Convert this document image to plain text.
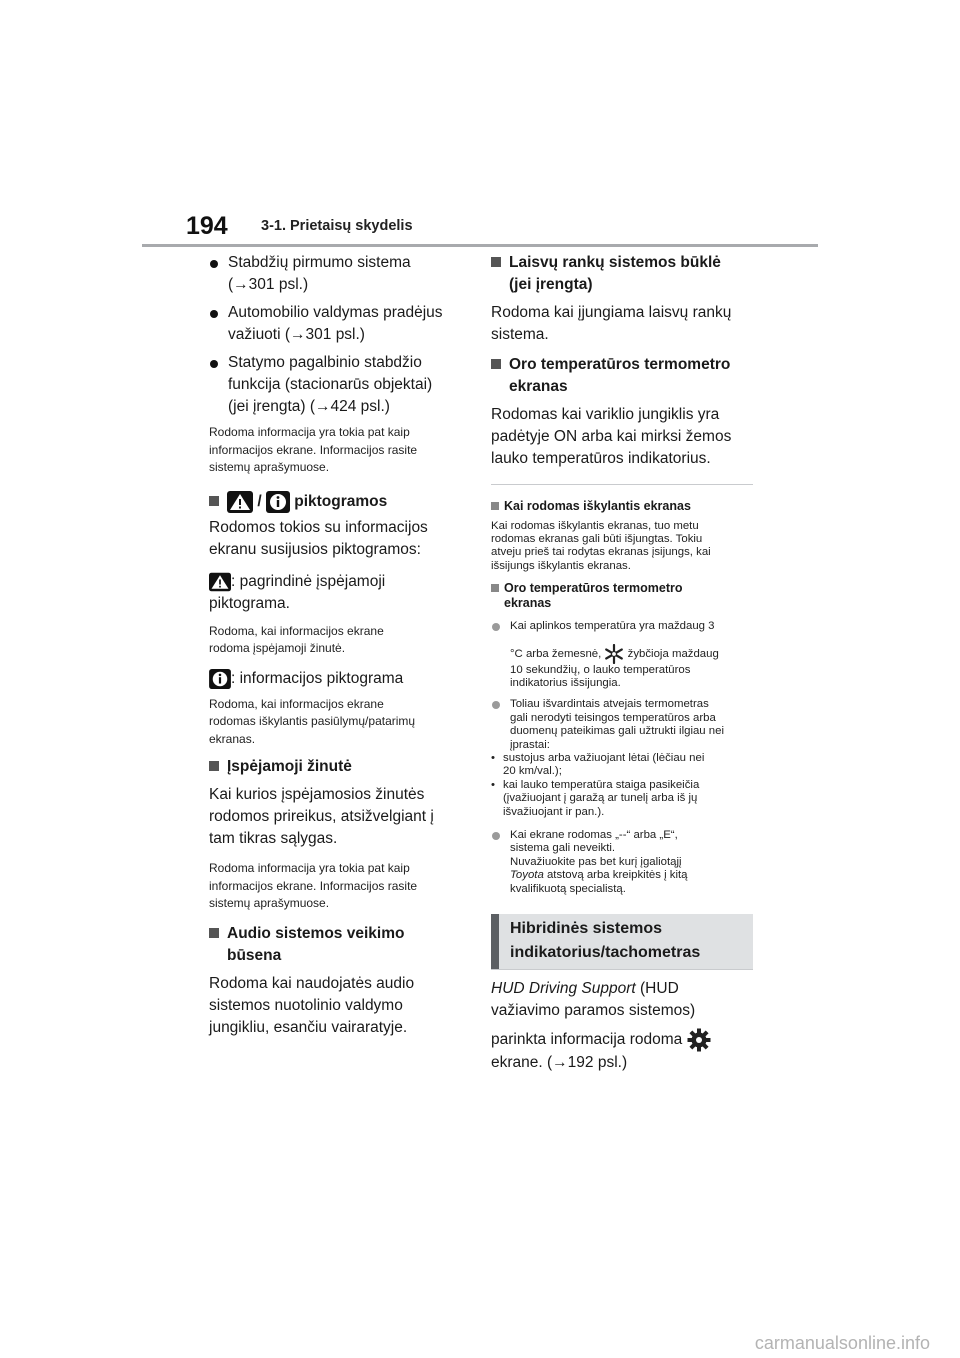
194 3-1. Prietaisų skydelis

Stabdžių pirmumo sistema

(→301 psl.)

Automobilio valdymas pradėjus

važiuoti (→301 psl.)

Statymo pagalbinio stabdžio

funkcija (stacionarūs objektai)

(jei įrengta) (→424 psl.)

Rodoma informacija yra tokia pat kaip

informacijos ekrane. Informacijos rasite

sistemų aprašymuose.

/ piktogramos

Rodomos tokios su informacijos

ekranu susijusios piktogramos:

: pagrindinė įspėjamoji

piktograma.

Rodoma, kai informacijos ekrane

rodoma įspėjamoji žinutė.

: informacijos piktograma

Rodoma, kai informacijos ekrane

rodomas iškylantis pasiūlymų/patarimų

ekranas.

Įspėjamoji žinutė

Kai kurios įspėjamosios žinutės

rodomos prireikus, atsižvelgiant į

tam tikras sąlygas.

Rodoma informacija yra tokia pat kaip

informacijos ekrane. Informacijos rasite

sistemų aprašymuose.

Audio sistemos veikimo
būsena

Rodoma kai naudojatės audio

sistemos nuotolinio valdymo

jungikliu, esančiu vairaratyje.

Laisvų rankų sistemos būklė
(jei įrengta)

Rodoma kai įjungiama laisvų rankų

sistema.

Oro temperatūros termometro
ekranas

Rodomas kai variklio jungiklis yra

padėtyje ON arba kai mirksi žemos

lauko temperatūros indikatorius.

Kai rodomas iškylantis ekranas

Kai rodomas iškylantis ekranas, tuo metu

rodomas ekranas gali būti išjungtas. Tokiu

atveju prieš tai rodytas ekranas įsijungs, kai

išsijungs iškylantis ekranas.

Oro temperatūros termometro
ekranas

Kai aplinkos temperatūra yra maždaug 3

°C arba žemesnė, žybčioja maždaug

10 sekundžių, o lauko temperatūros

indikatorius išsijungia.

Toliau išvardintais atvejais termometras

gali nerodyti teisingos temperatūros arba

duomenų pateikimas gali užtrukti ilgiau nei

įprastai:

• sustojus arba važiuojant lėtai (lėčiau nei

20 km/val.);

• kai lauko temperatūra staiga pasikeičia

(įvažiuojant į garažą ar tunelį arba iš jų

išvažiuojant ir pan.).

Kai ekrane rodomas „--“ arba „E“,

sistema gali neveikti.

Nuvažiuokite pas bet kurį įgaliotąjį

Toyota atstovą arba kreipkitės į kitą

kvalifikuotą specialistą.

Hibridinės sistemos
indikatorius/tachometras

HUD Driving Support (HUD

važiavimo paramos sistemos)

parinkta informacija rodoma

ekrane. (→192 psl.)

carmanualsonline.info
